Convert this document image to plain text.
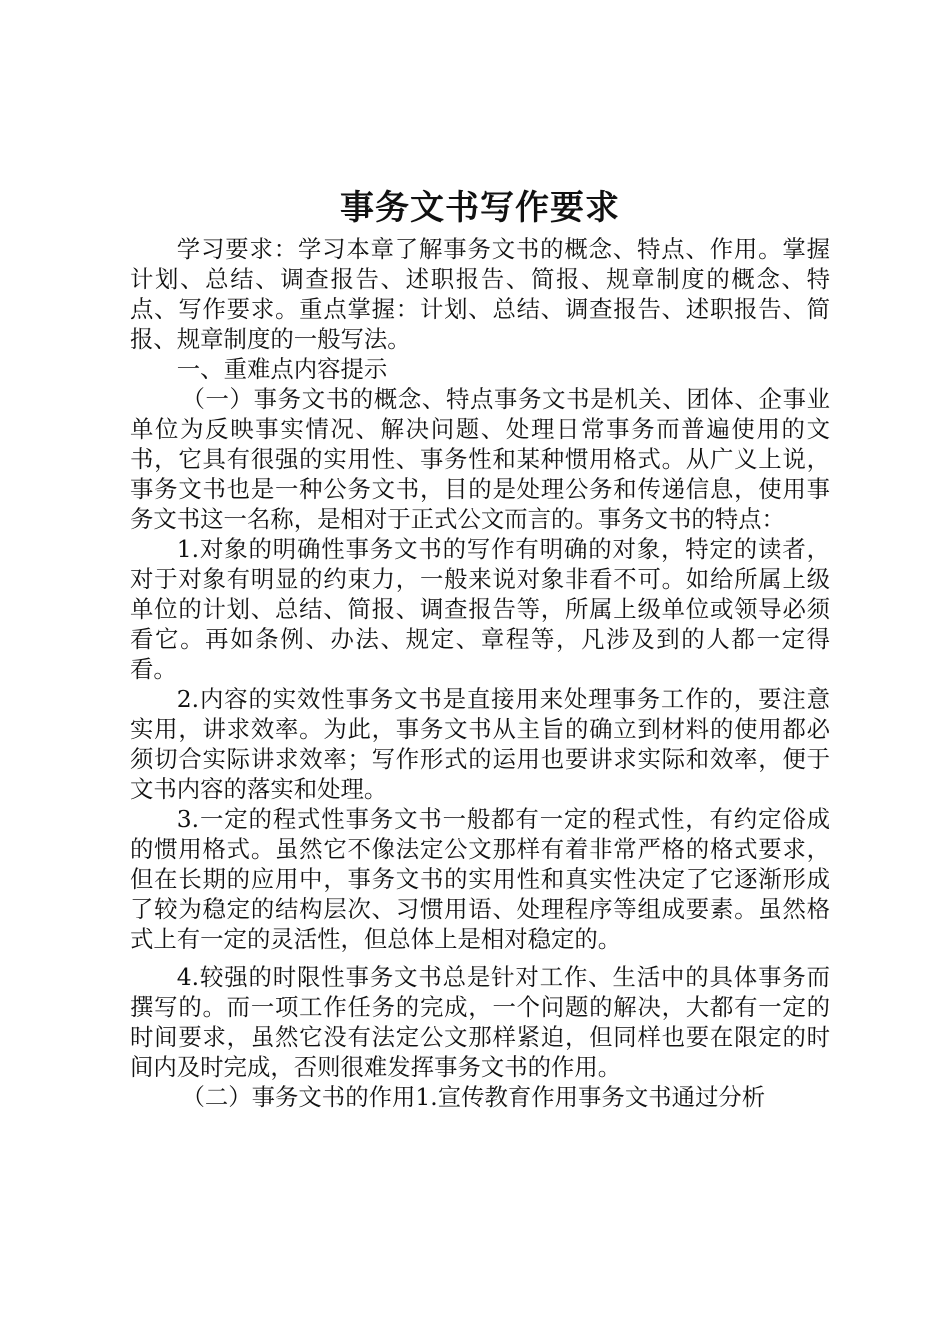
事务文书写作要求

学习要求：学习本章了解事务文书的概念、特点、作用。掌握计划、总结、调查报告、述职报告、简报、规章制度的概念、特点、写作要求。重点掌握：计划、总结、调查报告、述职报告、简报、规章制度的一般写法。

一、重难点内容提示

（一）事务文书的概念、特点事务文书是机关、团体、企事业单位为反映事实情况、解决问题、处理日常事务而普遍使用的文书，它具有很强的实用性、事务性和某种惯用格式。从广义上说，事务文书也是一种公务文书，目的是处理公务和传递信息，使用事务文书这一名称，是相对于正式公文而言的。事务文书的特点：

1.对象的明确性事务文书的写作有明确的对象，特定的读者，对于对象有明显的约束力，一般来说对象非看不可。如给所属上级单位的计划、总结、简报、调查报告等，所属上级单位或领导必须看它。再如条例、办法、规定、章程等，凡涉及到的人都一定得看。

2.内容的实效性事务文书是直接用来处理事务工作的，要注意实用，讲求效率。为此，事务文书从主旨的确立到材料的使用都必须切合实际讲求效率；写作形式的运用也要讲求实际和效率，便于文书内容的落实和处理。

3.一定的程式性事务文书一般都有一定的程式性，有约定俗成的惯用格式。虽然它不像法定公文那样有着非常严格的格式要求，但在长期的应用中，事务文书的实用性和真实性决定了它逐渐形成了较为稳定的结构层次、习惯用语、处理程序等组成要素。虽然格式上有一定的灵活性，但总体上是相对稳定的。

4.较强的时限性事务文书总是针对工作、生活中的具体事务而撰写的。而一项工作任务的完成，一个问题的解决，大都有一定的时间要求，虽然它没有法定公文那样紧迫，但同样也要在限定的时间内及时完成，否则很难发挥事务文书的作用。

（二）事务文书的作用1.宣传教育作用事务文书通过分析
